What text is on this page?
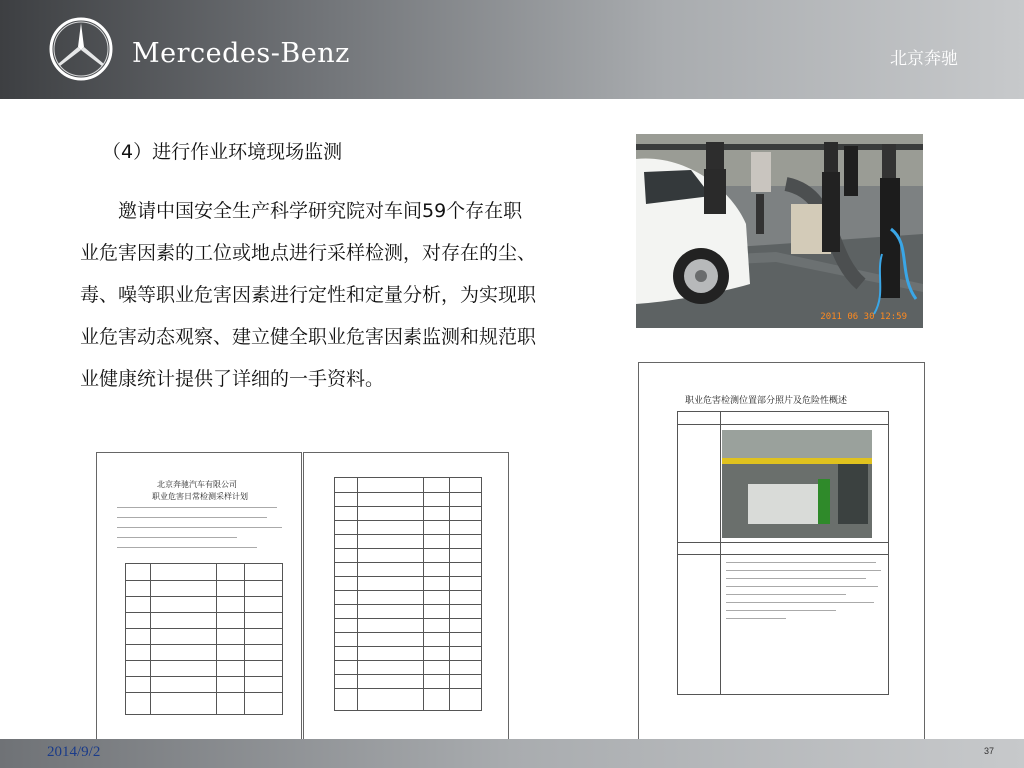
Mercedes-Benz	北京奔驰
（4）进行作业环境现场监测
邀请中国安全生产科学研究院对车间59个存在职业危害因素的工位或地点进行采样检测，对存在的尘、毒、噪等职业危害因素进行定性和定量分析，为实现职业危害动态观察、建立健全职业危害因素监测和规范职业健康统计提供了详细的一手资料。
2011 06 30 12:59
北京奔驰汽车有限公司
职业危害日常检测采样计划
职业危害检测位置部分照片及危险性概述
2014/9/2	37
